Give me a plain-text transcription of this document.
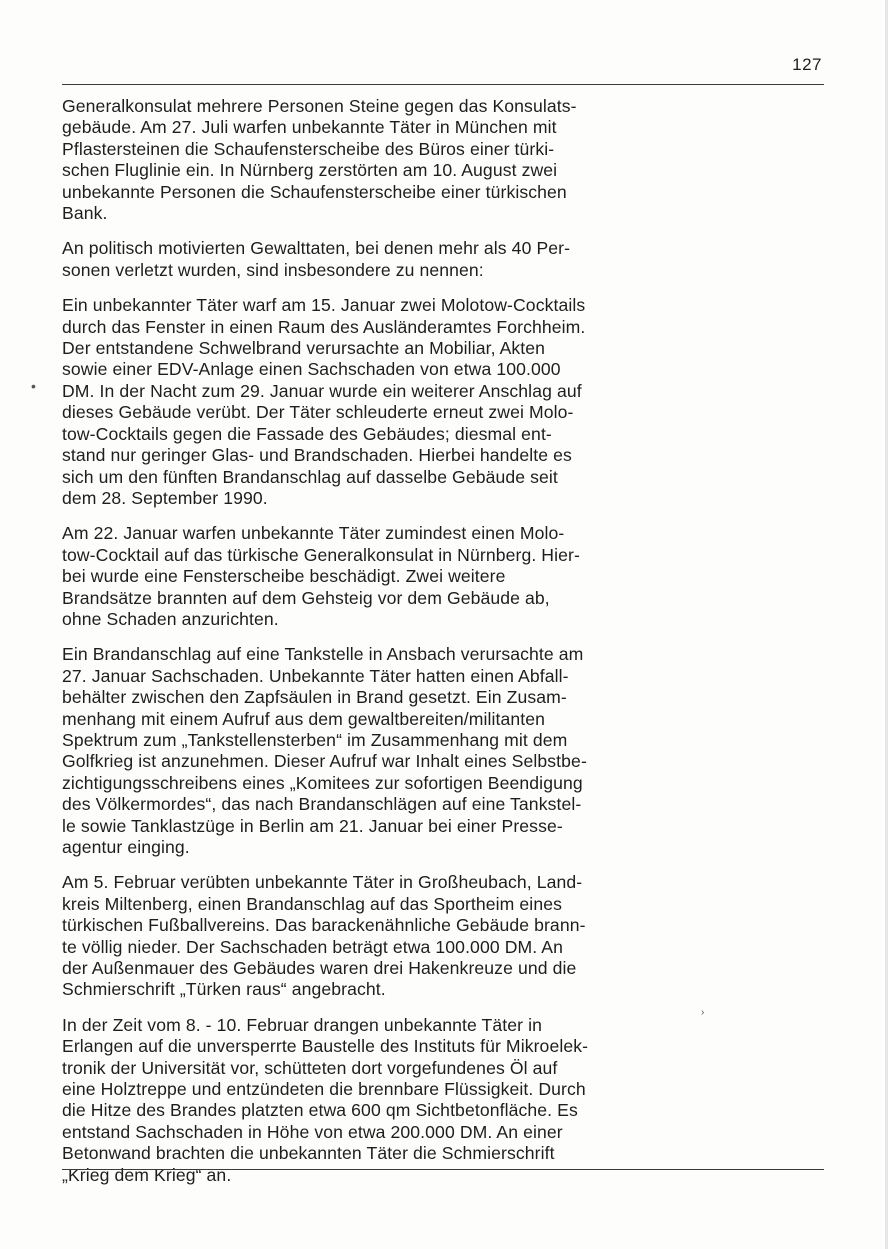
127

Generalkonsulat mehrere Personen Steine gegen das Konsulats-
gebäude. Am 27. Juli warfen unbekannte Täter in München mit
Pflastersteinen die Schaufensterscheibe des Büros einer türki-
schen Fluglinie ein. In Nürnberg zerstörten am 10. August zwei
unbekannte Personen die Schaufensterscheibe einer türkischen
Bank.

An politisch motivierten Gewalttaten, bei denen mehr als 40 Per-
sonen verletzt wurden, sind insbesondere zu nennen:

Ein unbekannter Täter warf am 15. Januar zwei Molotow-Cocktails
durch das Fenster in einen Raum des Ausländeramtes Forchheim.
Der entstandene Schwelbrand verursachte an Mobiliar, Akten
sowie einer EDV-Anlage einen Sachschaden von etwa 100.000
DM. In der Nacht zum 29. Januar wurde ein weiterer Anschlag auf
dieses Gebäude verübt. Der Täter schleuderte erneut zwei Molo-
tow-Cocktails gegen die Fassade des Gebäudes; diesmal ent-
stand nur geringer Glas- und Brandschaden. Hierbei handelte es
sich um den fünften Brandanschlag auf dasselbe Gebäude seit
dem 28. September 1990.

Am 22. Januar warfen unbekannte Täter zumindest einen Molo-
tow-Cocktail auf das türkische Generalkonsulat in Nürnberg. Hier-
bei wurde eine Fensterscheibe beschädigt. Zwei weitere
Brandsätze brannten auf dem Gehsteig vor dem Gebäude ab,
ohne Schaden anzurichten.

Ein Brandanschlag auf eine Tankstelle in Ansbach verursachte am
27. Januar Sachschaden. Unbekannte Täter hatten einen Abfall-
behälter zwischen den Zapfsäulen in Brand gesetzt. Ein Zusam-
menhang mit einem Aufruf aus dem gewaltbereiten/militanten
Spektrum zum „Tankstellensterben“ im Zusammenhang mit dem
Golfkrieg ist anzunehmen. Dieser Aufruf war Inhalt eines Selbstbe-
zichtigungsschreibens eines „Komitees zur sofortigen Beendigung
des Völkermordes“, das nach Brandanschlägen auf eine Tankstel-
le sowie Tanklastzüge in Berlin am 21. Januar bei einer Presse-
agentur einging.

Am 5. Februar verübten unbekannte Täter in Großheubach, Land-
kreis Miltenberg, einen Brandanschlag auf das Sportheim eines
türkischen Fußballvereins. Das barackenähnliche Gebäude brann-
te völlig nieder. Der Sachschaden beträgt etwa 100.000 DM. An
der Außenmauer des Gebäudes waren drei Hakenkreuze und die
Schmierschrift „Türken raus“ angebracht.

In der Zeit vom 8. - 10. Februar drangen unbekannte Täter in
Erlangen auf die unversperrte Baustelle des Instituts für Mikroelek-
tronik der Universität vor, schütteten dort vorgefundenes Öl auf
eine Holztreppe und entzündeten die brennbare Flüssigkeit. Durch
die Hitze des Brandes platzten etwa 600 qm Sichtbetonfläche. Es
entstand Sachschaden in Höhe von etwa 200.000 DM. An einer
Betonwand brachten die unbekannten Täter die Schmierschrift
„Krieg dem Krieg“ an.

•
›
